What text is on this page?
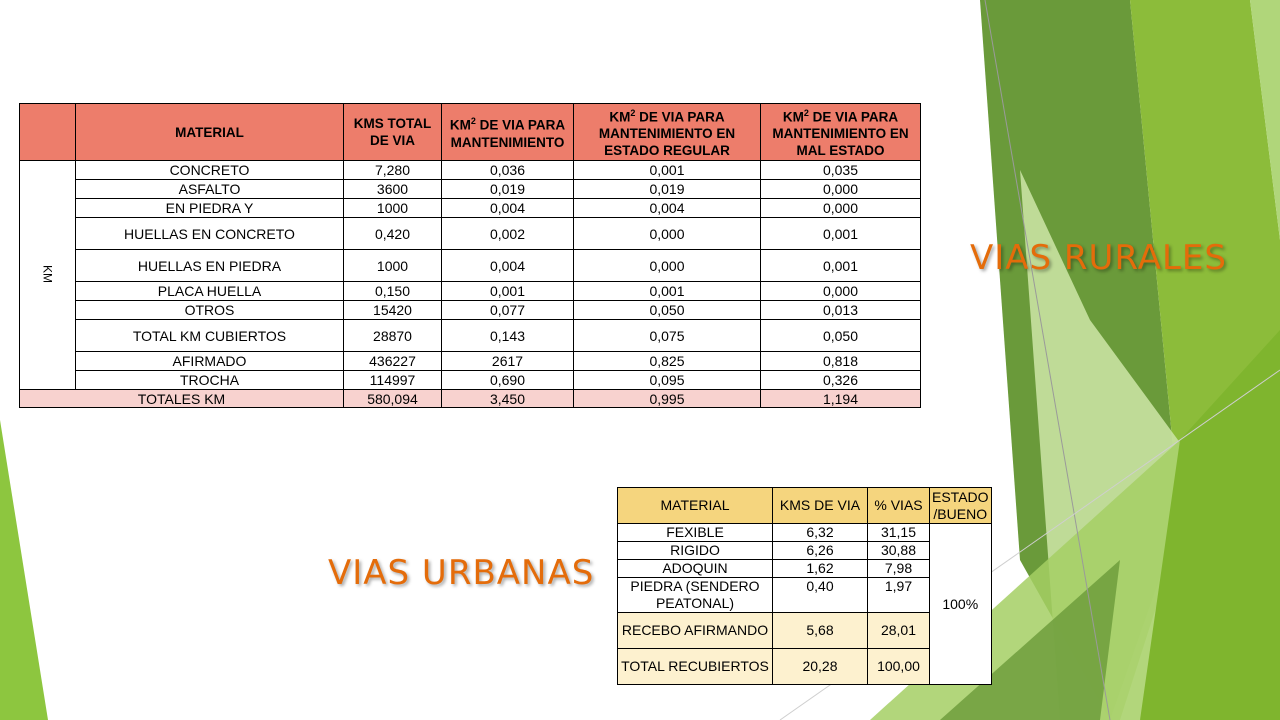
	MATERIAL	KMS TOTAL DE VIA	$KM^2$ DE VIA PARA MANTENIMIENTO	$KM^2$ DE VIA PARA MANTENIMIENTO EN ESTADO REGULAR	$KM^2$ DE VIA PARA MANTENIMIENTO EN MAL ESTADO
KM	CONCRETO	7,280	0,036	0,001	0,035
	ASFALTO	3600	0,019	0,019	0,000
	EN PIEDRA Y	1000	0,004	0,004	0,000
	HUELLAS EN CONCRETO	0,420	0,002	0,000	0,001
	HUELLAS EN PIEDRA	1000	0,004	0,000	0,001
	PLACA HUELLA	0,150	0,001	0,001	0,000
	OTROS	15420	0,077	0,050	0,013
	TOTAL KM CUBIERTOS	28870	0,143	0,075	0,050
	AFIRMADO	436227	2617	0,825	0,818
	TROCHA	114997	0,690	0,095	0,326
TOTALES KM		580,094	3,450	0,995	1,194
VIAS RURALES
VIAS URBANAS
MATERIAL	KMS DE VIA	% VIAS	ESTADO /BUENO
FEXIBLE	6,32	31,15	100%
RIGIDO	6,26	30,88	
ADOQUIN	1,62	7,98	
PIEDRA (SENDERO PEATONAL)	0,40	1,97	
RECEBO AFIRMANDO	5,68	28,01	
TOTAL RECUBIERTOS	20,28	100,00	
